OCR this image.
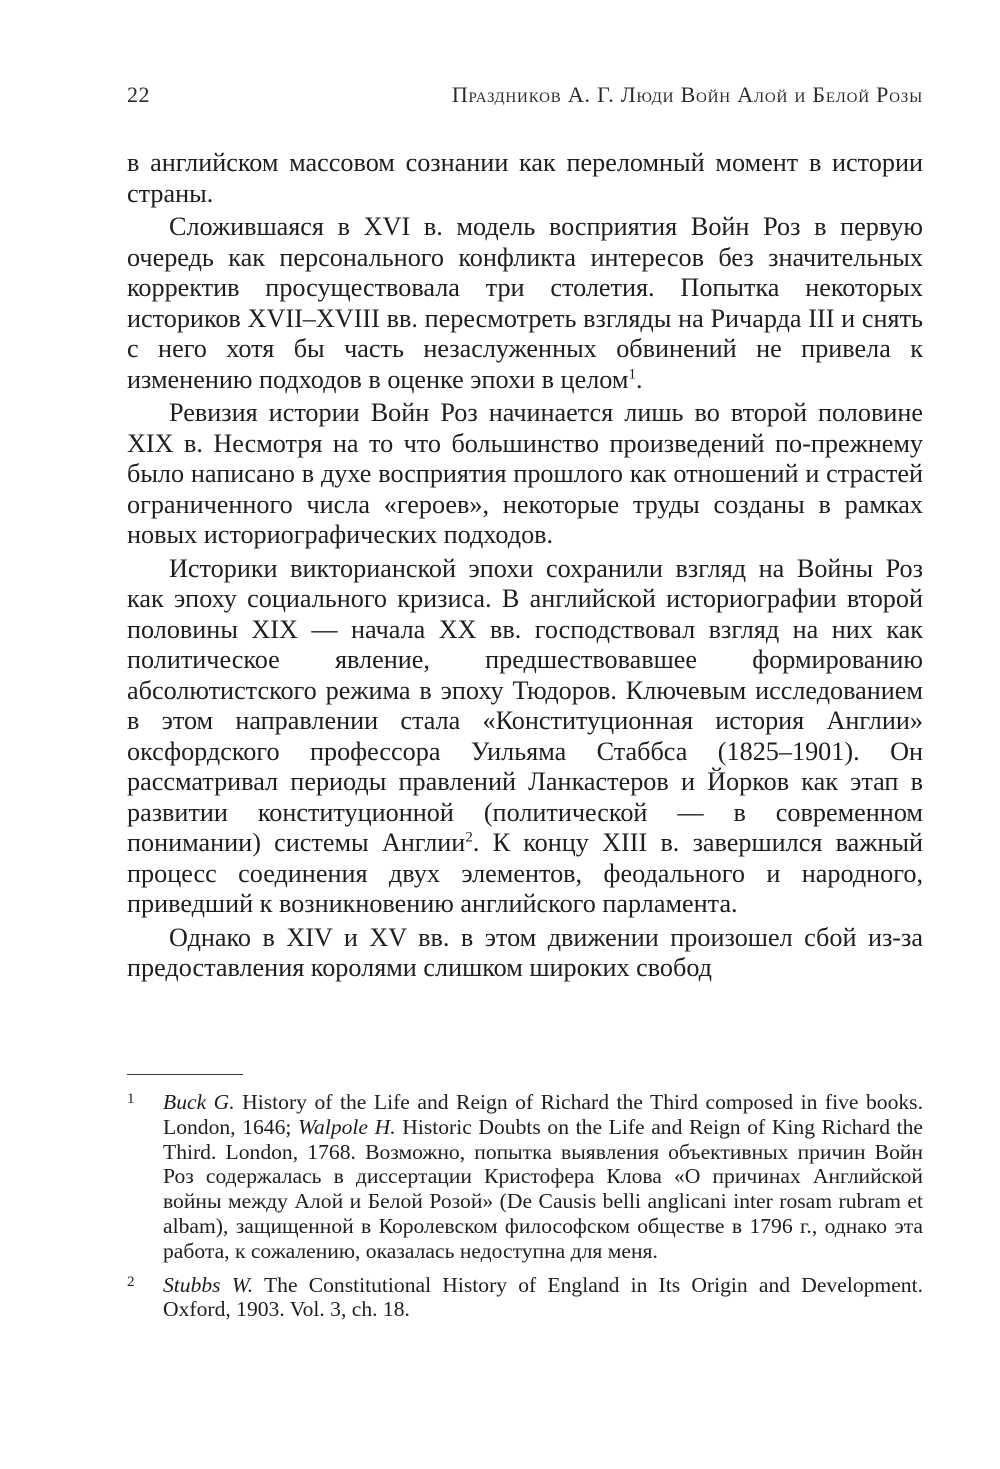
22	Праздников А. Г. Люди Войн Алой и Белой Розы

в английском массовом сознании как переломный момент в истории страны.

Сложившаяся в XVI в. модель восприятия Войн Роз в первую очередь как персонального конфликта интересов без значительных корректив просуществовала три столетия. Попытка некоторых историков XVII–XVIII вв. пересмотреть взгляды на Ричарда III и снять с него хотя бы часть незаслуженных обвинений не привела к изменению подходов в оценке эпохи в целом$^1$.

Ревизия истории Войн Роз начинается лишь во второй половине XIX в. Несмотря на то что большинство произведений по-прежнему было написано в духе восприятия прошлого как отношений и страстей ограниченного числа «героев», некоторые труды созданы в рамках новых историографических подходов.

Историки викторианской эпохи сохранили взгляд на Войны Роз как эпоху социального кризиса. В английской историографии второй половины XIX — начала XX вв. господствовал взгляд на них как политическое явление, предшествовавшее формированию абсолютистского режима в эпоху Тюдоров. Ключевым исследованием в этом направлении стала «Конституционная история Англии» оксфордского профессора Уильяма Стаббса (1825–1901). Он рассматривал периоды правлений Ланкастеров и Йорков как этап в развитии конституционной (политической — в современном понимании) системы Англии$^2$. К концу XIII в. завершился важный процесс соединения двух элементов, феодального и народного, приведший к возникновению английского парламента.

Однако в XIV и XV вв. в этом движении произошел сбой из-за предоставления королями слишком широких свобод

1 Buck G. History of the Life and Reign of Richard the Third composed in five books. London, 1646; Walpole H. Historic Doubts on the Life and Reign of King Richard the Third. London, 1768. Возможно, попытка выявления объективных причин Войн Роз содержалась в диссертации Кристофера Клова «О причинах Английской войны между Алой и Белой Розой» (De Causis belli anglicani inter rosam rubram et albam), защищенной в Королевском философском обществе в 1796 г., однако эта работа, к сожалению, оказалась недоступна для меня.
2 Stubbs W. The Constitutional History of England in Its Origin and Development. Oxford, 1903. Vol. 3, ch. 18.
